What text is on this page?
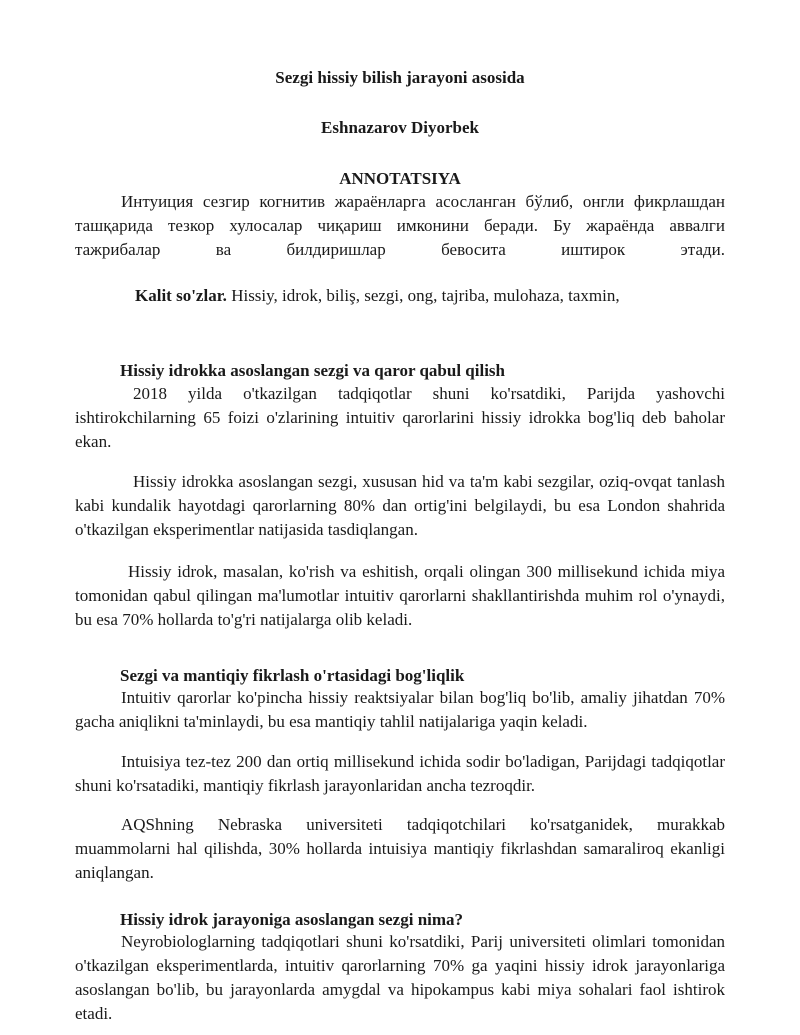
Sezgi hissiy bilish jarayoni asosida
Eshnazarov Diyorbek
ANNOTATSIYA
Интуиция сезгир когнитив жараёнларга асосланган бўлиб, онгли фикрлашдан ташқарида тезкор хулосалар чиқариш имконини беради. Бу жараёнда аввалги тажрибалар ва билдиришлар бевосита иштирок этади.
Kalit so'zlar. Hissiy, idrok, biliş, sezgi, ong, tajriba, mulohaza, taxmin,
Hissiy idrokka asoslangan sezgi va qaror qabul qilish
2018 yilda o'tkazilgan tadqiqotlar shuni ko'rsatdiki, Parijda yashovchi ishtirokchilarning 65 foizi o'zlarining intuitiv qarorlarini hissiy idrokka bog'liq deb baholar ekan.
Hissiy idrokka asoslangan sezgi, xususan hid va ta'm kabi sezgilar, oziq-ovqat tanlash kabi kundalik hayotdagi qarorlarning 80% dan ortig'ini belgilaydi, bu esa London shahrida o'tkazilgan eksperimentlar natijasida tasdiqlangan.
Hissiy idrok, masalan, ko'rish va eshitish, orqali olingan 300 millisekund ichida miya tomonidan qabul qilingan ma'lumotlar intuitiv qarorlarni shakllantirishda muhim rol o'ynaydi, bu esa 70% hollarda to'g'ri natijalarga olib keladi.
Sezgi va mantiqiy fikrlash o'rtasidagi bog'liqlik
Intuitiv qarorlar ko'pincha hissiy reaktsiyalar bilan bog'liq bo'lib, amaliy jihatdan 70% gacha aniqlikni ta'minlaydi, bu esa mantiqiy tahlil natijalariga yaqin keladi.
Intuisiya tez-tez 200 dan ortiq millisekund ichida sodir bo'ladigan, Parijdagi tadqiqotlar shuni ko'rsatadiki, mantiqiy fikrlash jarayonlaridan ancha tezroqdir.
AQShning Nebraska universiteti tadqiqotchilari ko'rsatganidek, murakkab muammolarni hal qilishda, 30% hollarda intuisiya mantiqiy fikrlashdan samaraliroq ekanligi aniqlangan.
Hissiy idrok jarayoniga asoslangan sezgi nima?
Neyrobiologlarning tadqiqotlari shuni ko'rsatdiki, Parij universiteti olimlari tomonidan o'tkazilgan eksperimentlarda, intuitiv qarorlarning 70% ga yaqini hissiy idrok jarayonlariga asoslangan bo'lib, bu jarayonlarda amygdal va hipokampus kabi miya sohalari faol ishtirok etadi.
